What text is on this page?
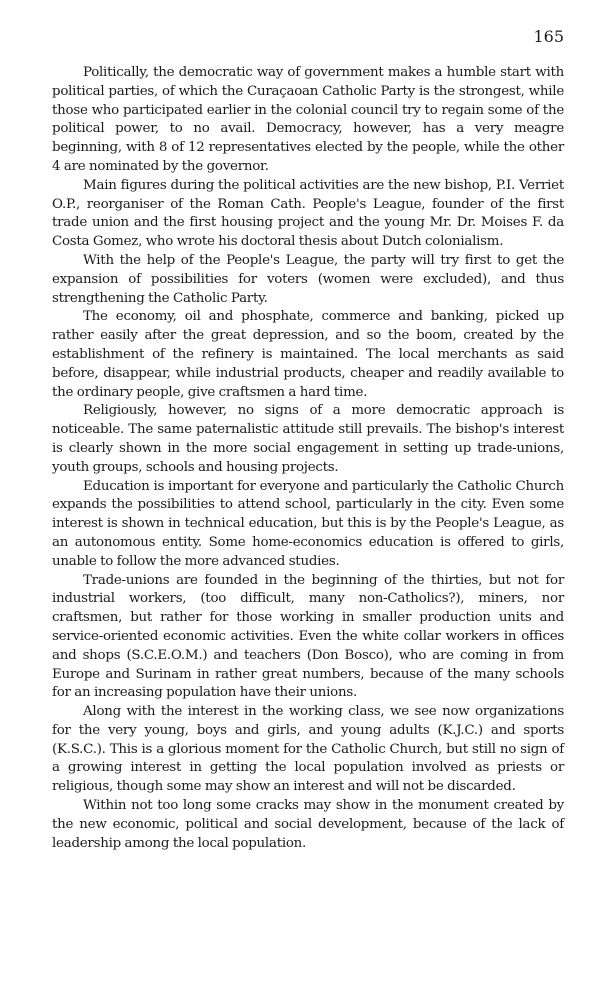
165

Politically, the democratic way of government makes a humble start with political parties, of which the Curaçaoan Catholic Party is the strongest, while those who participated earlier in the colonial council try to regain some of the political power, to no avail. Democracy, however, has a very meagre beginning, with 8 of 12 representatives elected by the people, while the other 4 are nominated by the governor.

Main figures during the political activities are the new bishop, P.I. Verriet O.P., reorganiser of the Roman Cath. People's League, founder of the first trade union and the first housing project and the young Mr. Dr. Moises F. da Costa Gomez, who wrote his doctoral thesis about Dutch colonialism.

With the help of the People's League, the party will try first to get the expansion of possibilities for voters (women were excluded), and thus strengthening the Catholic Party.

The economy, oil and phosphate, commerce and banking, picked up rather easily after the great depression, and so the boom, created by the establishment of the refinery is maintained. The local merchants as said before, disappear, while industrial products, cheaper and readily available to the ordinary people, give craftsmen a hard time.

Religiously, however, no signs of a more democratic approach is noticeable. The same paternalistic attitude still prevails. The bishop's interest is clearly shown in the more social engagement in setting up trade-unions, youth groups, schools and housing projects.

Education is important for everyone and particularly the Catholic Church expands the possibilities to attend school, particularly in the city. Even some interest is shown in technical education, but this is by the People's League, as an autonomous entity. Some home-economics education is offered to girls, unable to follow the more advanced studies.

Trade-unions are founded in the beginning of the thirties, but not for industrial workers, (too difficult, many non-Catholics?), miners, nor craftsmen, but rather for those working in smaller production units and service-oriented economic activities. Even the white collar workers in offices and shops (S.C.E.O.M.) and teachers (Don Bosco), who are coming in from Europe and Surinam in rather great numbers, because of the many schools for an increasing population have their unions.

Along with the interest in the working class, we see now organizations for the very young, boys and girls, and young adults (K.J.C.) and sports (K.S.C.). This is a glorious moment for the Catholic Church, but still no sign of a growing interest in getting the local population involved as priests or religious, though some may show an interest and will not be discarded.

Within not too long some cracks may show in the monument created by the new economic, political and social development, because of the lack of leadership among the local population.
